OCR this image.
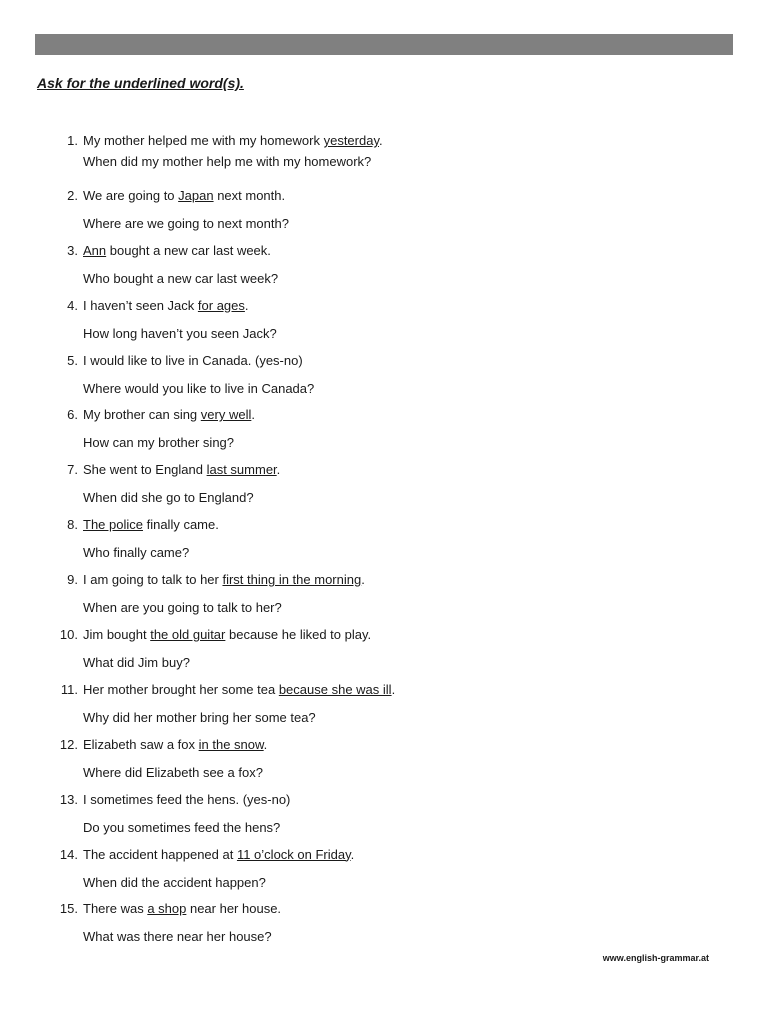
Ask for the underlined word(s).
1. My mother helped me with my homework yesterday.
When did my mother help me with my homework?
2. We are going to Japan next month.
Where are we going to next month?
3. Ann bought a new car last week.
Who bought a new car last week?
4. I haven’t seen Jack for ages.
How long haven’t you seen Jack?
5. I would like to live in Canada. (yes-no)
Where would you like to live in Canada?
6. My brother can sing very well.
How can my brother sing?
7. She went to England last summer.
When did she go to England?
8. The police finally came.
Who finally came?
9. I am going to talk to her first thing in the morning.
When are you going to talk to her?
10. Jim bought the old guitar because he liked to play.
What did Jim buy?
11. Her mother brought her some tea because she was ill.
Why did her mother bring her some tea?
12. Elizabeth saw a fox in the snow.
Where did Elizabeth see a fox?
13. I sometimes feed the hens. (yes-no)
Do you sometimes feed the hens?
14. The accident happened at 11 o’clock on Friday.
When did the accident happen?
15. There was a shop near her house.
What was there near her house?
www.english-grammar.at
